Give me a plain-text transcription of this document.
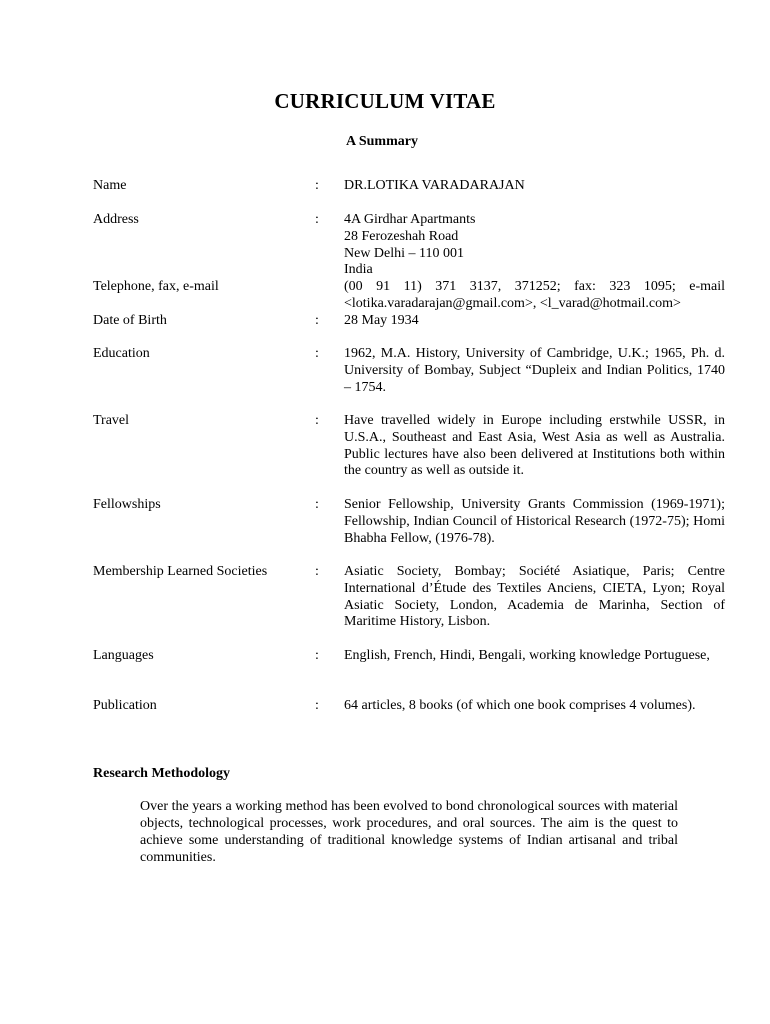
CURRICULUM VITAE
A Summary
Name	: DR.LOTIKA VARADARAJAN
Address	: 4A Girdhar Apartmants
28 Ferozeshah Road
New Delhi – 110 001
India
Telephone, fax, e-mail	(00 91 11) 371 3137, 371252; fax: 323 1095; e-mail <lotika.varadarajan@gmail.com>, <l_varad@hotmail.com>
Date of Birth	: 28 May 1934
Education	: 1962, M.A. History, University of Cambridge, U.K.; 1965, Ph. d. University of Bombay, Subject “Dupleix and Indian Politics, 1740 – 1754.
Travel	: Have travelled widely in Europe including erstwhile USSR, in U.S.A., Southeast and East Asia, West Asia as well as Australia. Public lectures have also been delivered at Institutions both within the country as well as outside it.
Fellowships	: Senior Fellowship, University Grants Commission (1969-1971); Fellowship, Indian Council of Historical Research (1972-75); Homi Bhabha Fellow, (1976-78).
Membership Learned Societies	: Asiatic Society, Bombay; Société Asiatique, Paris; Centre International d’Étude des Textiles Anciens, CIETA, Lyon; Royal Asiatic Society, London, Academia de Marinha, Section of Maritime History, Lisbon.
Languages	: English, French, Hindi, Bengali, working knowledge Portuguese,
Publication	: 64 articles, 8 books (of which one book comprises 4 volumes).
Research Methodology
Over the years a working method has been evolved to bond chronological sources with material objects, technological processes, work procedures, and oral sources. The aim is the quest to achieve some understanding of traditional knowledge systems of Indian artisanal and tribal communities.
